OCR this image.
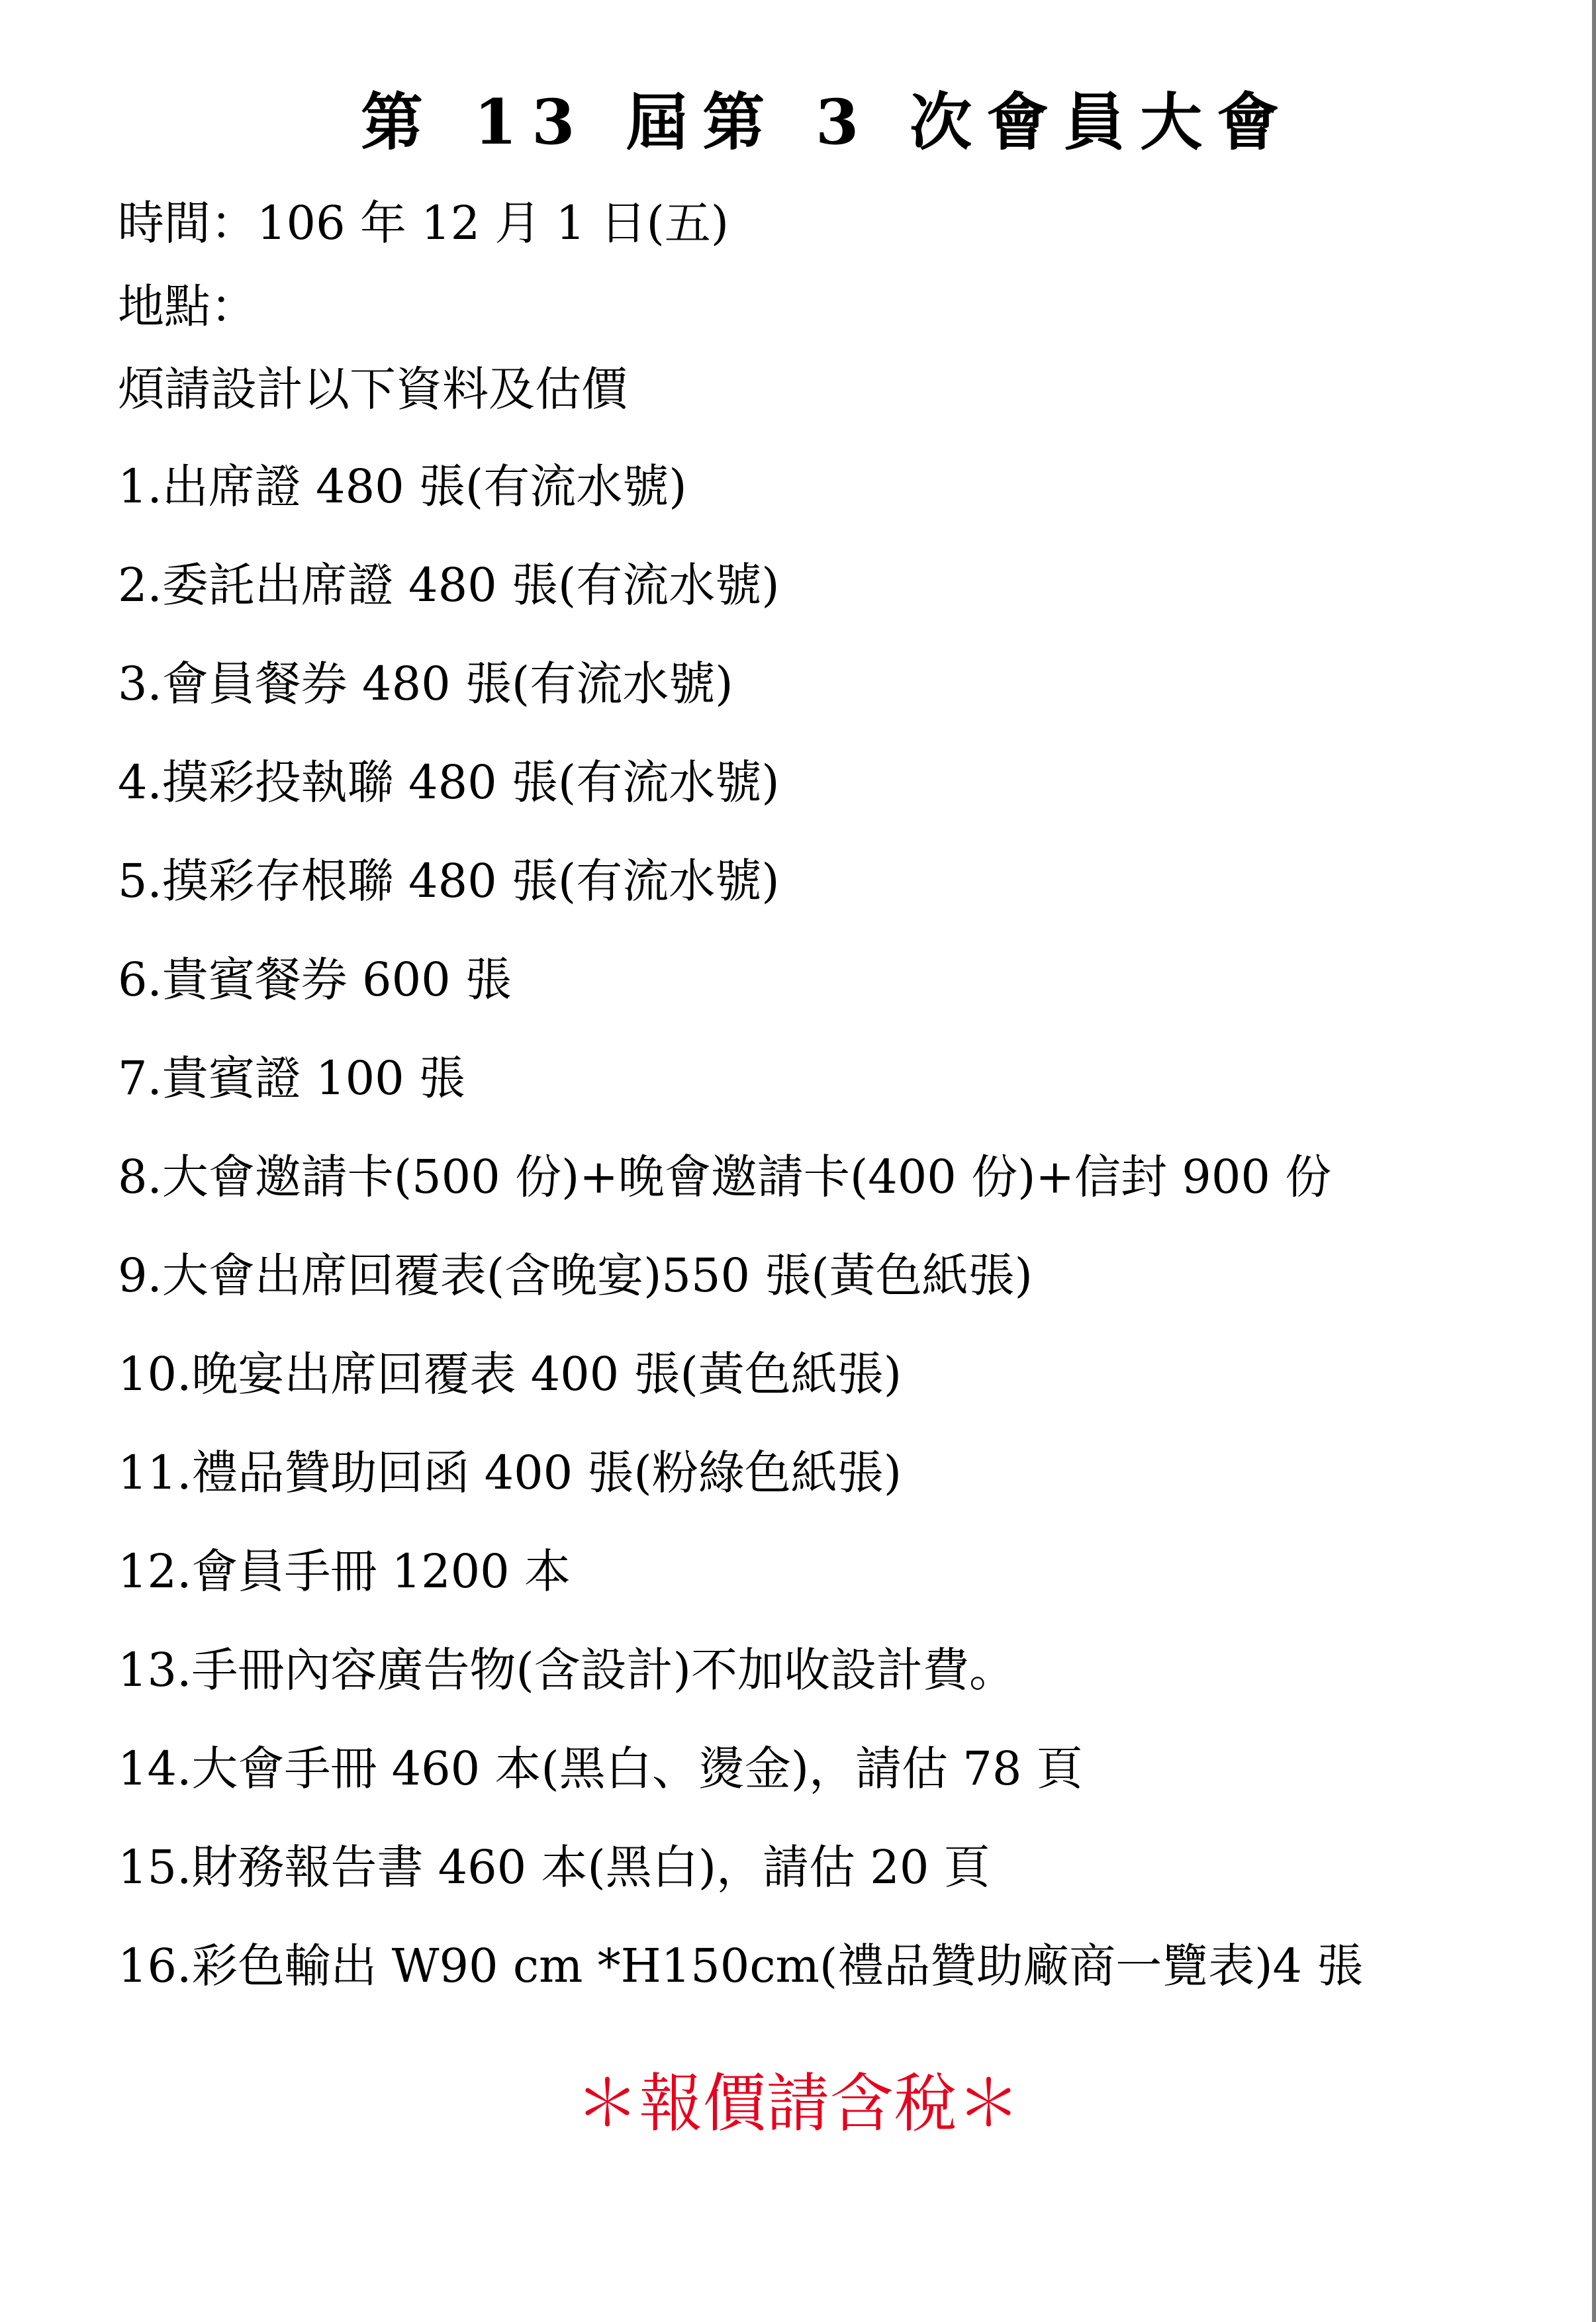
第 13 屆第 3 次會員大會
時間：106 年 12 月 1 日(五)
地點：
煩請設計以下資料及估價
1.出席證 480 張(有流水號)
2.委託出席證 480 張(有流水號)
3.會員餐券 480 張(有流水號)
4.摸彩投執聯 480 張(有流水號)
5.摸彩存根聯 480 張(有流水號)
6.貴賓餐券 600 張
7.貴賓證 100 張
8.大會邀請卡(500 份)+晚會邀請卡(400 份)+信封 900 份
9.大會出席回覆表(含晚宴)550 張(黃色紙張)
10.晚宴出席回覆表 400 張(黃色紙張)
11.禮品贊助回函 400 張(粉綠色紙張)
12.會員手冊 1200 本
13.手冊內容廣告物(含設計)不加收設計費。
14.大會手冊 460 本(黑白、燙金)，請估 78 頁
15.財務報告書 460 本(黑白)，請估 20 頁
16.彩色輸出 W90 cm *H150cm(禮品贊助廠商一覽表)4 張
＊報價請含稅＊
